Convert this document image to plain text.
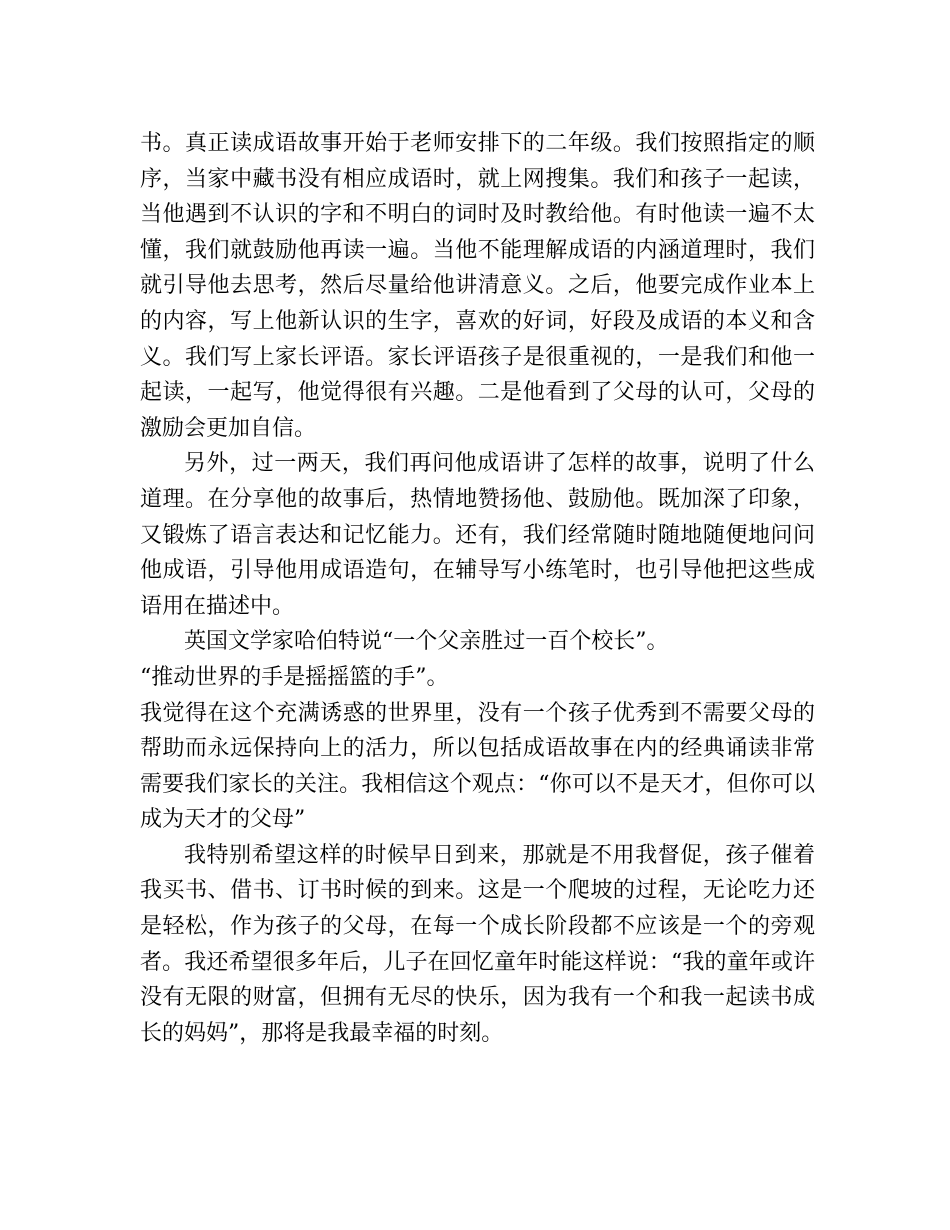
书。真正读成语故事开始于老师安排下的二年级。我们按照指定的顺序，当家中藏书没有相应成语时，就上网搜集。我们和孩子一起读，当他遇到不认识的字和不明白的词时及时教给他。有时他读一遍不太懂，我们就鼓励他再读一遍。当他不能理解成语的内涵道理时，我们就引导他去思考，然后尽量给他讲清意义。之后，他要完成作业本上的内容，写上他新认识的生字，喜欢的好词，好段及成语的本义和含义。我们写上家长评语。家长评语孩子是很重视的，一是我们和他一起读，一起写，他觉得很有兴趣。二是他看到了父母的认可，父母的激励会更加自信。

另外，过一两天，我们再问他成语讲了怎样的故事，说明了什么道理。在分享他的故事后，热情地赞扬他、鼓励他。既加深了印象，又锻炼了语言表达和记忆能力。还有，我们经常随时随地随便地问问他成语，引导他用成语造句，在辅导写小练笔时，也引导他把这些成语用在描述中。

英国文学家哈伯特说“一个父亲胜过一百个校长”。

“推动世界的手是摇摇篮的手”。

我觉得在这个充满诱惑的世界里，没有一个孩子优秀到不需要父母的帮助而永远保持向上的活力，所以包括成语故事在内的经典诵读非常需要我们家长的关注。我相信这个观点：“你可以不是天才，但你可以成为天才的父母”

我特别希望这样的时候早日到来，那就是不用我督促，孩子催着我买书、借书、订书时候的到来。这是一个爬坡的过程，无论吃力还是轻松，作为孩子的父母，在每一个成长阶段都不应该是一个的旁观者。我还希望很多年后，儿子在回忆童年时能这样说：“我的童年或许没有无限的财富，但拥有无尽的快乐，因为我有一个和我一起读书成长的妈妈”，那将是我最幸福的时刻。
